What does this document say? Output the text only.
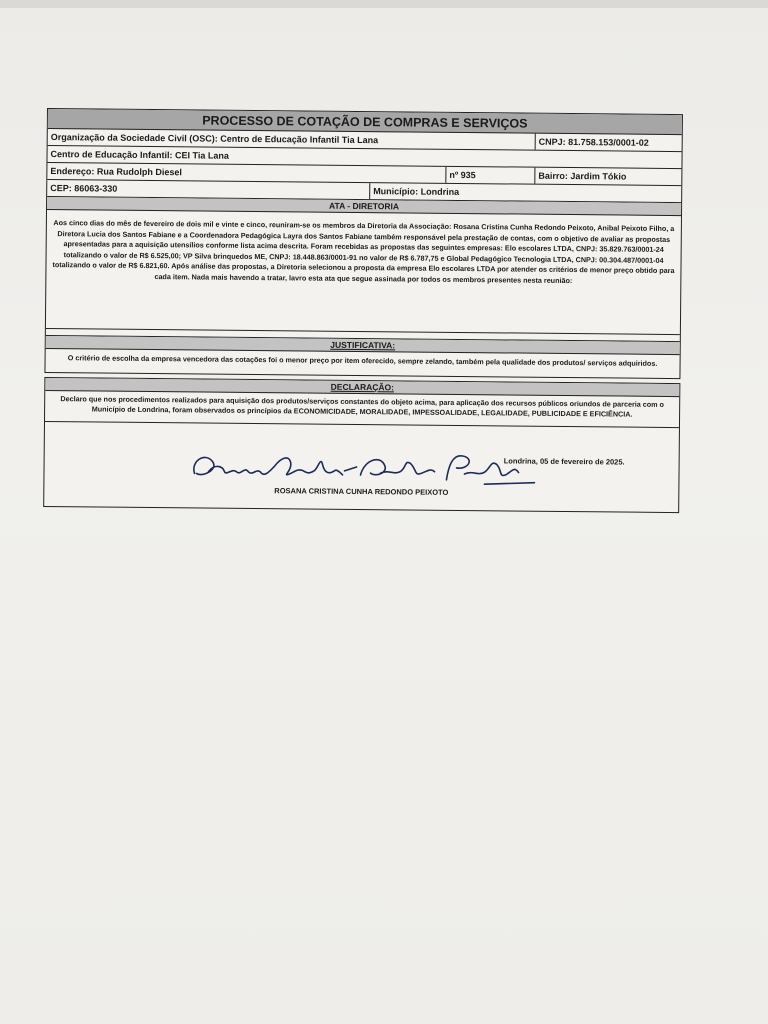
PROCESSO DE COTAÇÃO DE COMPRAS E SERVIÇOS
Organização da Sociedade Civil (OSC): Centro de Educação Infantil Tia Lana	CNPJ: 81.758.153/0001-02
Centro de Educação Infantil: CEI Tia Lana
Endereço: Rua Rudolph Diesel	nº 935	Bairro: Jardim Tókio
CEP: 86063-330	Município: Londrina
ATA - DIRETORIA
Aos cinco dias do mês de fevereiro de dois mil e vinte e cinco, reuniram-se os membros da Diretoria da Associação: Rosana Cristina Cunha Redondo Peixoto, Anibal Peixoto Filho, a Diretora Lucia dos Santos Fabiane e a Coordenadora Pedagógica Layra dos Santos Fabiane também responsável pela prestação de contas, com o objetivo de avaliar as propostas apresentadas para a aquisição utensílios conforme lista acima descrita. Foram recebidas as propostas das seguintes empresas: Elo escolares LTDA, CNPJ: 35.829.763/0001-24 totalizando o valor de R$ 6.525,00; VP Silva brinquedos ME, CNPJ: 18.448.863/0001-91 no valor de R$ 6.787,75 e Global Pedagógico Tecnologia LTDA, CNPJ: 00.304.487/0001-04 totalizando o valor de R$ 6.821,60. Após análise das propostas, a Diretoria selecionou a proposta da empresa Elo escolares LTDA por atender os critérios de menor preço obtido para cada item. Nada mais havendo a tratar, lavro esta ata que segue assinada por todos os membros presentes nesta reunião:
JUSTIFICATIVA:
O critério de escolha da empresa vencedora das cotações foi o menor preço por item oferecido, sempre zelando, também pela qualidade dos produtos/ serviços adquiridos.
DECLARAÇÃO:
Declaro que nos procedimentos realizados para aquisição dos produtos/serviços constantes do objeto acima, para aplicação dos recursos públicos oriundos de parceria com o Município de Londrina, foram observados os princípios da ECONOMICIDADE, MORALIDADE, IMPESSOALIDADE, LEGALIDADE, PUBLICIDADE E EFICIÊNCIA.
Londrina, 05 de fevereiro de 2025.
ROSANA CRISTINA CUNHA REDONDO PEIXOTO
